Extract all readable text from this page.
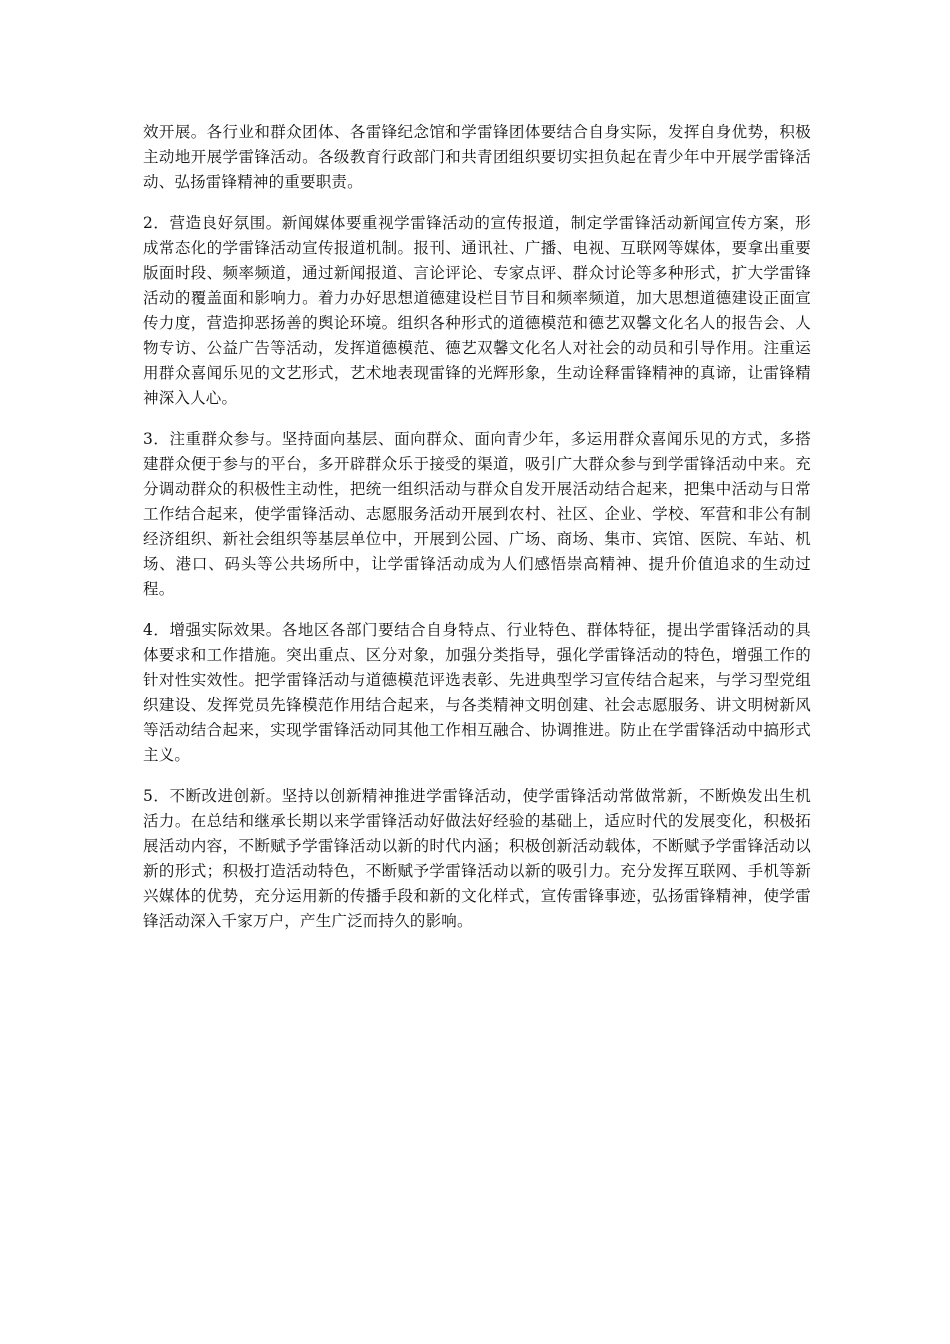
效开展。各行业和群众团体、各雷锋纪念馆和学雷锋团体要结合自身实际，发挥自身优势，积极主动地开展学雷锋活动。各级教育行政部门和共青团组织要切实担负起在青少年中开展学雷锋活动、弘扬雷锋精神的重要职责。

2．营造良好氛围。新闻媒体要重视学雷锋活动的宣传报道，制定学雷锋活动新闻宣传方案，形成常态化的学雷锋活动宣传报道机制。报刊、通讯社、广播、电视、互联网等媒体，要拿出重要版面时段、频率频道，通过新闻报道、言论评论、专家点评、群众讨论等多种形式，扩大学雷锋活动的覆盖面和影响力。着力办好思想道德建设栏目节目和频率频道，加大思想道德建设正面宣传力度，营造抑恶扬善的舆论环境。组织各种形式的道德模范和德艺双馨文化名人的报告会、人物专访、公益广告等活动，发挥道德模范、德艺双馨文化名人对社会的动员和引导作用。注重运用群众喜闻乐见的文艺形式，艺术地表现雷锋的光辉形象，生动诠释雷锋精神的真谛，让雷锋精神深入人心。

3．注重群众参与。坚持面向基层、面向群众、面向青少年，多运用群众喜闻乐见的方式，多搭建群众便于参与的平台，多开辟群众乐于接受的渠道，吸引广大群众参与到学雷锋活动中来。充分调动群众的积极性主动性，把统一组织活动与群众自发开展活动结合起来，把集中活动与日常工作结合起来，使学雷锋活动、志愿服务活动开展到农村、社区、企业、学校、军营和非公有制经济组织、新社会组织等基层单位中，开展到公园、广场、商场、集市、宾馆、医院、车站、机场、港口、码头等公共场所中，让学雷锋活动成为人们感悟崇高精神、提升价值追求的生动过程。

4．增强实际效果。各地区各部门要结合自身特点、行业特色、群体特征，提出学雷锋活动的具体要求和工作措施。突出重点、区分对象，加强分类指导，强化学雷锋活动的特色，增强工作的针对性实效性。把学雷锋活动与道德模范评选表彰、先进典型学习宣传结合起来，与学习型党组织建设、发挥党员先锋模范作用结合起来，与各类精神文明创建、社会志愿服务、讲文明树新风等活动结合起来，实现学雷锋活动同其他工作相互融合、协调推进。防止在学雷锋活动中搞形式主义。

5．不断改进创新。坚持以创新精神推进学雷锋活动，使学雷锋活动常做常新，不断焕发出生机活力。在总结和继承长期以来学雷锋活动好做法好经验的基础上，适应时代的发展变化，积极拓展活动内容，不断赋予学雷锋活动以新的时代内涵；积极创新活动载体，不断赋予学雷锋活动以新的形式；积极打造活动特色，不断赋予学雷锋活动以新的吸引力。充分发挥互联网、手机等新兴媒体的优势，充分运用新的传播手段和新的文化样式，宣传雷锋事迹，弘扬雷锋精神，使学雷锋活动深入千家万户，产生广泛而持久的影响。
